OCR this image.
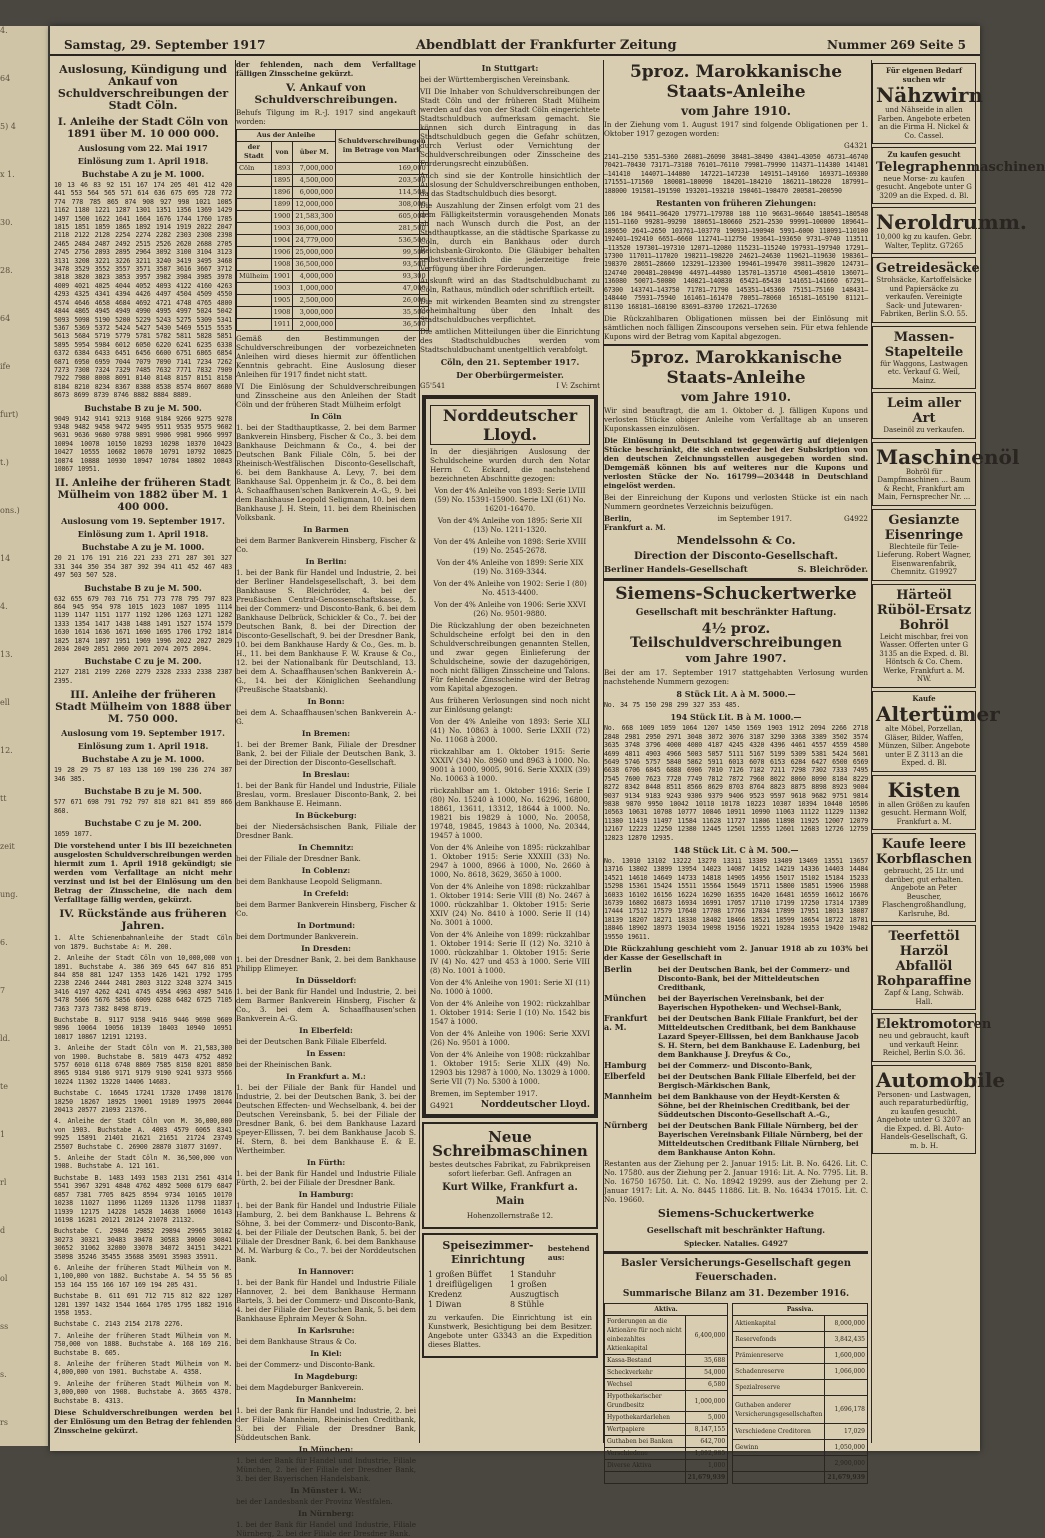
4.
64
5) 4
x 1.
30.
28.
64
ife
furt)
t.)
ons.)
14
4.
13.
ell
12.
tt
zeit
ung.
6.
7
ld.
te
1
rl
d
ol
ss
s.
rs
Samstag, 29. September 1917	Abendblatt der Frankfurter Zeitung	Nummer 269 Seite 5
Auslosung, Kündigung und Ankauf von Schuldverschreibungen der Stadt Cöln.
I. Anleihe der Stadt Cöln von 1891 über M. 10 000 000.
Auslosung vom 22. Mai 1917
Einlösung zum 1. April 1918.
Buchstabe A zu je M. 1000.

10 13 46 83 92 151 167 174 205 401 412 420 441 553 564 565 571 614 636 675 695 728 772 774 778 785 865 874 908 927 998 1021 1085 1162 1180 1221 1287 1301 1351 1356 1369 1429 1497 1500 1622 1641 1664 1676 1744 1760 1785 1815 1851 1859 1865 1892 1914 1919 2022 2047 2118 2122 2128 2254 2274 2282 2303 2308 2398 2465 2484 2487 2492 2515 2526 2620 2688 2705 2745 2756 2893 2895 2964 3092 3100 3104 3123 3131 3208 3221 3226 3211 3240 3419 3495 3468 3478 3529 3552 3557 3571 3587 3616 3667 3712 3818 3820 3823 3853 3957 3982 3984 3985 3978 4009 4021 4025 4044 4052 4093 4122 4160 4263 4293 4325 4341 4394 4426 4497 4504 4509 4550 4574 4646 4658 4684 4692 4721 4748 4765 4800 4844 4865 4945 4949 4990 4995 4997 5024 5042 5093 5098 5190 5200 5229 5243 5275 5309 5341 5367 5369 5372 5424 5427 5430 5469 5515 5535 5613 5684 5719 5779 5781 5782 5811 5828 5851 5895 5954 5984 6012 6050 6220 6241 6235 6338 6372 6384 6433 6451 6456 6600 6751 6865 6854 6871 6950 6959 7044 7079 7090 7141 7234 7262 7273 7308 7324 7329 7485 7632 7771 7832 7909 7922 7980 8008 8091 8140 8148 8157 8151 8158 8184 8210 8234 8367 8388 8538 8574 8607 8680 8673 8699 8739 8746 8882 8884 8889.

Buchstabe B zu je M. 500.

9049 9142 9141 9213 9168 9184 9266 9275 9278 9348 9482 9458 9472 9495 9511 9535 9575 9602 9631 9636 9680 9788 9891 9906 9981 9966 9997 10094 10078 10150 10293 10298 10370 10423 10427 10555 10602 10670 10791 10792 10825 10874 10888 10930 10947 10784 10802 10843 10867 10951.

II. Anleihe der früheren Stadt Mülheim von 1882 über M. 1 400 000.
Auslosung vom 19. September 1917.
Einlösung zum 1. April 1918.
Buchstabe A zu je M. 1000.

20 21 176 191 216 221 233 271 287 301 327 331 344 350 354 387 392 394 411 452 467 483 497 503 507 528.

Buchstabe B zu je M. 500.

632 655 679 703 716 751 773 778 795 797 823 864 945 954 978 1015 1023 1087 1095 1114 1139 1147 1151 1177 1192 1206 1263 1271 1282 1333 1354 1417 1438 1488 1491 1527 1574 1579 1630 1614 1636 1671 1690 1695 1706 1792 1814 1825 1874 1897 1951 1969 1996 2022 2027 2029 2034 2049 2051 2060 2071 2074 2075 2094.

Buchstabe C zu je M. 200.

2127 2181 2199 2260 2279 2328 2333 2338 2387 2395.

III. Anleihe der früheren Stadt Mülheim von 1888 über M. 750 000.
Auslosung vom 19. September 1917.
Einlösung zum 1. April 1918.
Buchstabe A zu je M. 1000.

19 28 29 75 87 103 138 169 190 236 274 307 346 385.

Buchstabe B zu je M. 500.

577 671 698 791 792 797 810 821 841 859 866 868.

Buchstabe C zu je M. 200.

1059 1077.

Die vorstehend unter I bis III bezeichneten ausgelosten Schuldverschreibungen werden hiermit zum 1. April 1918 gekündigt; sie werden vom Verfalltage an nicht mehr verzinst und ist bei der Einlösung um den Betrag der Zinsscheine, die nach dem Verfalltage fällig werden, gekürzt.

IV. Rückstände aus früheren Jahren.

1. Alte Schienenbahnanleihe der Stadt Cöln von 1879. Buchstabe A: M. 200.

2. Anleihe der Stadt Cöln von 10,000,000 von 1891. Buchstabe A. 386 369 645 647 816 851 844 858 881 1247 1353 1426 1421 1792 1795 2238 2246 2444 2481 2803 3122 3248 3274 3415 3416 4197 4262 4241 4745 4954 4963 4987 5416 5478 5606 5676 5856 6009 6288 6482 6725 7105 7363 7373 7382 8498 8719.

Buchstabe B. 9117 9158 9416 9446 9690 9609 9896 10064 10056 10139 10403 10940 10951 10817 10867 12191 12193.

3. Anleihe der Stadt Cöln von M. 21,583,300 von 1900. Buchstabe B. 5819 4473 4752 4892 5757 6010 6118 6748 8869 7585 8150 8201 8850 8965 9184 9186 9171 9179 9190 9241 9373 9566 10224 11302 13220 14406 14683.

Buchstabe C. 16645 17241 17320 17490 18176 18250 18267 18925 19001 19189 19975 20044 20413 20577 21093 21376.

4. Anleihe der Stadt Cöln von M. 36,000,000 von 1903. Buchstabe A. 4003 4579 6065 8341 9925 15891 21401 21621 21651 21724 23749 25507 Buchstabe C. 26900 28870 31077 31697.

5. Anleihe der Stadt Cöln M. 36,500,000 von 1908. Buchstabe A. 121 161.

Buchstabe B. 1483 1493 1503 2131 2561 4314 5541 3967 3291 4848 4762 4892 5000 6179 6847 6857 7381 7705 8425 8594 9734 10165 10170 10238 11027 11096 11269 11326 11798 11837 11939 12175 14228 14528 14638 16060 16143 16198 16281 20121 20124 21078 21132.

Buchstabe C. 29846 29852 29894 29965 30182 30273 30321 30483 30478 30583 30600 30841 30652 31062 32080 33078 34072 34151 34221 35098 35246 35455 35688 35691 35903 35911.

6. Anleihe der früheren Stadt Mülheim von M. 1,100,000 von 1882. Buchstabe A. 54 55 56 85 153 164 155 166 167 169 194 205 431.

Buchstabe B. 611 691 712 715 812 822 1207 1281 1397 1432 1544 1664 1705 1795 1882 1916 1958 1953.

Buchstabe C. 2143 2154 2178 2276.

7. Anleihe der früheren Stadt Mülheim von M. 750,000 von 1888. Buchstabe A. 168 169 216. Buchstabe B. 605.

8. Anleihe der früheren Stadt Mülheim von M. 4,000,000 von 1901. Buchstabe A. 4358.

9. Anleihe der früheren Stadt Mülheim von M. 3,000,000 von 1908. Buchstabe A. 3665 4370. Buchstabe B. 4313.

Diese Schuldverschreibungen werden bei der Einlösung um den Betrag der fehlenden Zinsscheine gekürzt.

der fehlenden, nach dem Verfalltage fälligen Zinsscheine gekürzt.

V. Ankauf von Schuldverschreibungen.

Behufs Tilgung im R.-J. 1917 sind angekauft worden:

Aus der Anleihe			Schuldverschreibungen im Betrage von Mark
der Stadt	von	über M.	
Cöln	1893	7,000,000	169,000
	1895	4,500,000	203,500
	1896	6,000,000	114,500
	1899	12,000,000	308,000
	1900	21,583,300	605,000
	1903	36,000,000	281,500
	1904	24,779,000	536,500
	1906	25,000,000	99,500
	1908	36,500,000	93,500
Mülheim	1901	4,000,000	93,300
	1903	1,000,000	47,000
	1905	2,500,000	26,000
	1908	3,000,000	35,500
	1911	2,000,000	36,500

Gemäß den Bestimmungen der Schuldverschreibungen der vorbezeichneten Anleihen wird dieses hiermit zur öffentlichen Kenntnis gebracht. Eine Auslosung dieser Anleihen für 1917 findet nicht statt.

VI Die Einlösung der Schuldverschreibungen und Zinsscheine aus den Anleihen der Stadt Cöln und der früheren Stadt Mülheim erfolgt

In Cöln

1. bei der Stadthauptkasse, 2. bei dem Barmer Bankverein Hinsberg, Fischer & Co., 3. bei dem Bankhause Deichmann & Co., 4. bei der Deutschen Bank Filiale Cöln, 5. bei der Rheinisch-Westfälischen Disconto-Gesellschaft, 6. bei dem Bankhause A. Levy, 7. bei dem Bankhause Sal. Oppenheim jr. & Co., 8. bei dem A. Schaaffhausen'schen Bankverein A.-G., 9. bei dem Bankhause Leopold Seligmann, 10. bei dem Bankhause J. H. Stein, 11. bei dem Rheinischen Volksbank.

In Barmen

bei dem Barmer Bankverein Hinsberg, Fischer & Co.

In Berlin:

1. bei der Bank für Handel und Industrie, 2. bei der Berliner Handelsgesellschaft, 3. bei dem Bankhause S. Bleichröder, 4. bei der Preußischen Central-Genossenschaftskasse, 5. bei der Commerz- und Disconto-Bank, 6. bei dem Bankhause Delbrück, Schickler & Co., 7. bei der Deutschen Bank, 8. bei der Direction der Disconto-Gesellschaft, 9. bei der Dresdner Bank, 10. bei dem Bankhause Hardy & Co., Ges. m. b. H., 11. bei dem Bankhause F. W. Krause & Co., 12. bei der Nationalbank für Deutschland, 13. bei dem A. Schaaffhausen'schen Bankverein A.-G., 14. bei der Königlichen Seehandlung (Preußische Staatsbank).

In Bonn:

bei dem A. Schaaffhausen'schen Bankverein A.-G.

In Bremen:

1. bei der Bremer Bank, Filiale der Dresdner Bank, 2. bei der Filiale der Deutschen Bank, 3. bei der Direction der Disconto-Gesellschaft.

In Breslau:

1. bei der Bank für Handel und Industrie, Filiale Breslau, vorm. Breslauer Disconto-Bank, 2. bei dem Bankhause E. Heimann.

In Bückeburg:

bei der Niedersächsischen Bank, Filiale der Dresdner Bank.

In Chemnitz:

bei der Filiale der Dresdner Bank.

In Coblenz:

bei dem Bankhause Leopold Seligmann.

In Crefeld:

bei dem Barmer Bankverein Hinsberg, Fischer & Co.

In Dortmund:

bei dem Dortmunder Bankverein.

In Dresden:

1. bei der Dresdner Bank, 2. bei dem Bankhause Philipp Elimeyer.

In Düsseldorf:

1. bei der Bank für Handel und Industrie, 2. bei dem Barmer Bankverein Hinsberg, Fischer & Co., 3. bei dem A. Schaaffhausen'schen Bankverein A.-G.

In Elberfeld:

bei der Deutschen Bank Filiale Elberfeld.

In Essen:

bei der Rheinischen Bank.

In Frankfurt a. M.:

1. bei der Filiale der Bank für Handel und Industrie, 2. bei der Deutschen Bank, 3. bei der Deutschen Effecten- und Wechselbank, 4. bei der Deutschen Vereinsbank, 5. bei der Filiale der Dresdner Bank, 6. bei dem Bankhause Lazard Speyer-Ellissen, 7. bei dem Bankhause Jacob S. H. Stern, 8. bei dem Bankhause E. & E. Wertheimber.

In Fürth:

1. bei der Bank für Handel und Industrie Filiale Fürth, 2. bei der Filiale der Dresdner Bank.

In Hamburg:

1. bei der Bank für Handel und Industrie Filiale Hamburg, 2. bei dem Bankhause L. Behrens & Söhne, 3. bei der Commerz- und Disconto-Bank, 4. bei der Filiale der Deutschen Bank, 5. bei der Filiale der Dresdner Bank, 6. bei dem Bankhause M. M. Warburg & Co., 7. bei der Norddeutschen Bank.

In Hannover:

1. bei der Bank für Handel und Industrie Filiale Hannover, 2. bei dem Bankhause Hermann Bartels, 3. bei der Commerz- und Disconto-Bank, 4. bei der Filiale der Deutschen Bank, 5. bei dem Bankhause Ephraim Meyer & Sohn.

In Karlsruhe:

bei dem Bankhause Straus & Co.

In Kiel:

bei der Commerz- und Disconto-Bank.

In Magdeburg:

bei dem Magdeburger Bankverein.

In Mannheim:

1. bei der Bank für Handel und Industrie, 2. bei der Filiale Mannheim, Rheinischen Creditbank, 3. bei der Filiale der Dresdner Bank, Süddeutschen Bank.

In München:

1. bei der Bank für Handel und Industrie, Filiale München, 2. bei der Filiale der Dresdner Bank, 3. bei der Bayerischen Handelsbank.

In Münster i. W.:

bei der Landesbank der Provinz Westfalen.

In Nürnberg:

1. bei der Bank für Handel und Industrie, Filiale Nürnberg, 2. bei der Filiale der Dresdner Bank.

In Stuttgart:

bei der Württembergischen Vereinsbank.

VII Die Inhaber von Schuldverschreibungen der Stadt Cöln und der früheren Stadt Mülheim werden auf das von der Stadt Cöln eingerichtete Stadtschuldbuch aufmerksam gemacht. Sie können sich durch Eintragung in das Stadtschuldbuch gegen die Gefahr schützen, durch Verlust oder Vernichtung der Schuldverschreibungen oder Zinsscheine des Forderungsrecht einzubüßen.

Auch sind sie der Kontrolle hinsichtlich der Auslosung der Schuldverschreibungen enthoben, da das Stadtschuldbuch dies besorgt.

Die Auszahlung der Zinsen erfolgt vom 21 des dem Fälligkeitstermin vorausgehenden Monats ab nach Wunsch durch die Post, an der Stadthauptkasse, an die städtische Sparkasse zu Cöln, durch ein Bankhaus oder durch Reichsbank-Girokonto. Die Gläubiger behalten selbstverständlich die jederzeitige freie Verfügung über ihre Forderungen.

Auskunft wird an das Stadtschuldbuchamt zu Cöln, Rathaus, mündlich oder schriftlich erteilt.

Die mit wirkenden Beamten sind zu strengster Geheimhaltung über den Inhalt des Stadtschuldbuches verpflichtet.

Die amtlichen Mitteilungen über die Einrichtung des Stadtschuldbuches werden vom Stadtschuldbuchamt unentgeltlich verabfolgt.

Cöln, den 21. September 1917.
Der Oberbürgermeister.
G5'541	I V: Zschirnt
Norddeutscher Lloyd.

In der diesjährigen Auslosung der Schuldscheine wurden durch den Notar Herrn C. Eckard, die nachstehend bezeichneten Abschnitte gezogen:

Von der 4% Anleihe von 1893: Serie LVIII (59) No. 15391-15900. Serie LXI (61) No. 16201-16470.

Von der 4% Anleihe von 1895: Serie XII (13) No. 1211-1320.

Von der 4% Anleihe von 1898: Serie XVIII (19) No. 2545-2678.

Von der 4% Anleihe von 1899: Serie XIX (19) No. 3169-3344.

Von der 4% Anleihe von 1902: Serie I (80) No. 4513-4400.

Von der 4% Anleihe von 1906: Serie XXVI (26) No. 9501-9880.

Die Rückzahlung der oben bezeichneten Schuldscheine erfolgt bei den in den Schuldverschreibungen genannten Stellen, und zwar gegen Einlieferung der Schuldscheine, sowie der dazugehörigen, noch nicht fälligen Zinsscheine und Talons. Für fehlende Zinsscheine wird der Betrag vom Kapital abgezogen.

Aus früheren Verlosungen sind noch nicht zur Einlösung gelangt:

Von der 4% Anleihe von 1893: Serie XLI (41) No. 10863 à 1000. Serie LXXII (72) No. 11068 à 2000.

rückzahlbar am 1. Oktober 1915: Serie XXXIV (34) No. 8960 und 8963 à 1000. No. 9001 à 1000, 9005, 9016. Serie XXXIX (39) No. 10063 à 1000.

rückzahlbar am 1. Oktober 1916: Serie I (80) No. 15240 à 1000, No. 16296, 16800, 18861, 13611, 13312, 18644 à 1000. No. 19821 bis 19829 à 1000, No. 20058, 19748, 19845, 19843 à 1000, No. 20344, 19457 à 1000.

Von der 4% Anleihe von 1895: rückzahlbar 1. Oktober 1915: Serie XXXIII (33) No. 2947 à 1000, 8966 à 1000, No. 2660 à 1000, No. 8618, 3629, 3650 à 1000.

Von der 4% Anleihe von 1898: rückzahlbar 1. Oktober 1914: Serie VIII (8) No. 2467 à 1000. rückzahlbar 1. Oktober 1915: Serie XXIV (24) No. 8410 à 1000. Serie II (14) No. 3001 à 1000.

Von der 4% Anleihe von 1899: rückzahlbar 1. Oktober 1914: Serie II (12) No. 3210 à 1000. rückzahlbar 1. Oktober 1915: Serie IV (4) No. 427 und 453 à 1000. Serie VIII (8) No. 1001 à 1000.

Von der 4% Anleihe von 1901: Serie XI (11) No. 1000 à 1000.

Von der 4% Anleihe von 1902: rückzahlbar 1. Oktober 1914: Serie I (10) No. 1542 bis 1547 à 1000.

Von der 4% Anleihe von 1906: Serie XXVI (26) No. 9501 à 1000.

Von der 4% Anleihe von 1908: rückzahlbar 1. Oktober 1915: Serie XLIX (49) No. 12903 bis 12987 à 1000, No. 13029 à 1000. Serie VII (7) No. 5300 à 1000.

Bremen, im September 1917.

G4921	Norddeutscher Lloyd.
Neue Schreibmaschinen

bestes deutsches Fabrikat, zu Fabrikpreisen sofort lieferbar. Gefl. Anfragen an

Kurt Wilke, Frankfurt a. Main

Hohenzollernstraße 12.

Speisezimmer-Einrichtung
bestehend aus:
1 großen Büffet	1 Standuhr
1 dreiflügeligen Kredenz
1 großen Auszugtisch
1 Diwan	8 Stühle

zu verkaufen. Die Einrichtung ist ein Kunstwerk, Besichtigung bei dem Besitzer. Angebote unter G3343 an die Expedition dieses Blattes.

5proz. Marokkanische Staats-Anleihe
vom Jahre 1910.

In der Ziehung vom 1. August 1917 sind folgende Obligationen per 1. Oktober 1917 gezogen worden:

G4321

2141—2150 5351—5360 26081—26090 38481—38490 43041—43050 46731—46740 70421—70430 73171—73180 76101—76110 79981—79990 114371—114380 141401—141410 144071—144080 147221—147230 149151—149160 169371—169380 171551—171560 180081—180090 184201—184210 186211—186220 187991—188000 191581—191590 193201—193210 198461—198470 200581—200590

Restanten von früheren Ziehungen:

106 104 96411—96420 179771—179780 108 110 96631—96640 180541—180548 1151—1160 99281—99290 180651—180660 2521—2530 99991—100000 189641—189650 2641—2650 103761—103770 190931—190940 5991—6000 110091—110100 192401—192410 6651—6660 112741—112750 193641—193650 9731—9740 113511—113520 197301—197310 12071—12080 115231—115240 197931—197940 17291—17300 117011—117020 198211—198220 24621—24630 119621—119630 198361—198370 28651—28660 123291—123300 199461—199470 39811—39820 124731—124740 200481—200490 44971—44980 135701—135710 45001—45010 136071—136080 50071—50080 140821—140830 65421—65430 141651—141660 67291—67300 143741—143750 71781—71790 145351—145360 75151—75160 148431—148440 75931—75940 161461—161470 78051—78060 165181—165190 81121—81130 168181—168190 83691—83700 172621—172630

Die Rückzahlbaren Obligationen müssen bei der Einlösung mit sämtlichen noch fälligen Zinscoupons versehen sein. Für etwa fehlende Kupons wird der Betrag vom Kapital abgezogen.

5proz. Marokkanische Staats-Anleihe
vom Jahre 1910.

Wir sind beauftragt, die am 1. Oktober d. J. fälligen Kupons und verlosten Stücke obiger Anleihe vom Verfalltage ab an unseren Kuponskassen einzulösen.

Die Einlösung in Deutschland ist gegenwärtig auf diejenigen Stücke beschränkt, die sich entweder bei der Subskription von den deutschen Zeichnungsstellen ausgegeben worden sind. Demgemäß können bis auf weiteres nur die Kupons und verlosten Stücke der No. 161799—203448 in Deutschland eingelöst werden.

Bei der Einreichung der Kupons und verlosten Stücke ist ein nach Nummern geordnetes Verzeichnis beizufügen.

Berlin,
Frankfurt a. M.
im September 1917.	G4922
Mendelssohn & Co.
Direction der Disconto-Gesellschaft.
Berliner Handels-Gesellschaft	S. Bleichröder.
Siemens-Schuckertwerke
Gesellschaft mit beschränkter Haftung.
4½ proz. Teilschuldverschreibungen
vom Jahre 1907.

Bei der am 17. September 1917 stattgehabten Verlosung wurden nachstehende Nummern gezogen:

8 Stück Lit. A à M. 5000.—

No. 34 75 150 298 299 327 353 485.

194 Stück Lit. B à M. 1000.—

No. 668 1009 1059 1064 1207 1450 1569 1903 1912 2094 2266 2718 2848 2981 2950 2971 3048 3072 3076 3187 3290 3368 3389 3502 3574 3635 3748 3796 4000 4080 4187 4245 4320 4396 4461 4557 4559 4580 4699 4811 4903 4966 5003 5057 5111 5167 5199 5309 5381 5424 5601 5649 5746 5757 5840 5862 5911 6013 6078 6153 6284 6427 6500 6569 6638 6706 6845 6888 6906 7010 7126 7182 7211 7298 7302 7333 7495 7545 7600 7623 7720 7749 7812 7872 7960 8022 8060 8090 8184 8229 8272 8342 8448 8511 8566 8629 8703 8764 8823 8875 8898 8923 9004 9037 9134 9183 9243 9306 9379 9406 9523 9597 9618 9682 9751 9814 9838 9870 9950 10042 10110 10178 10223 10307 10394 10440 10506 10563 10631 10708 10777 10846 10911 10990 11063 11122 11229 11302 11380 11419 11497 11584 11628 11727 11806 11898 11925 12007 12079 12167 12223 12250 12380 12445 12501 12555 12601 12683 12726 12759 12823 12870 12935.

148 Stück Lit. C à M. 500.—

No. 13010 13102 13222 13270 13311 13389 13409 13469 13551 13657 13716 13802 13899 13954 14023 14087 14152 14219 14336 14403 14484 14521 14610 14649 14733 14818 14905 14956 15017 15102 15184 15233 15298 15361 15424 15511 15564 15649 15711 15800 15851 15906 15988 16033 16102 16156 16224 16290 16355 16420 16481 16559 16612 16676 16739 16802 16873 16934 16991 17057 17110 17199 17250 17314 17389 17444 17512 17579 17640 17708 17766 17834 17899 17951 18013 18087 18139 18207 18271 18330 18402 18466 18521 18599 18654 18722 18781 18846 18902 18973 19034 19098 19156 19221 19284 19353 19420 19482 19550 19611.

Die Rückzahlung geschieht vom 2. Januar 1918 ab zu 103% bei der Kasse der Gesellschaft in

Berlin	bei der Deutschen Bank, bei der Commerz- und Disconto-Bank, bei der Mitteldeutschen Creditbank,
München	bei der Bayerischen Vereinsbank, bei der Bayerischen Hypotheken- und Wechsel-Bank,
Frankfurt a. M.
bei der Deutschen Bank Filiale Frankfurt, bei der Mitteldeutschen Creditbank, bei dem Bankhause Lazard Speyer-Ellissen, bei dem Bankhause Jacob S. H. Stern, bei dem Bankhause E. Ladenburg, bei dem Bankhause J. Dreyfus & Co.,
Hamburg	bei der Commerz- und Disconto-Bank,
Elberfeld	bei der Deutschen Bank Filiale Elberfeld, bei der Bergisch-Märkischen Bank,
Mannheim bei dem Bankhause von der Heydt-Kersten & Söhne, bei der Rheinischen Creditbank, bei der Süddeutschen Disconto-Gesellschaft A.-G.,
Nürnberg	bei der Deutschen Bank Filiale Nürnberg, bei der Bayerischen Vereinsbank Filiale Nürnberg, bei der Mitteldeutschen Creditbank Filiale Nürnberg, bei dem Bankhause Anton Kohn.

Restanten aus der Ziehung per 2. Januar 1915: Lit. B. No. 6426. Lit. C. No. 17580. aus der Ziehung per 2. Januar 1916: Lit. A. No. 7795. Lit. B. No. 16750 16750. Lit. C. No. 18942 19299. aus der Ziehung per 2. Januar 1917: Lit. A. No. 8445 11886. Lit. B. No. 16434 17015. Lit. C. No. 19660.

Siemens-Schuckertwerke
Gesellschaft mit beschränkter Haftung.

Spiecker. Natalies. G4927

Basler Versicherungs-Gesellschaft gegen Feuerschaden.
Summarische Bilanz am 31. Dezember 1916.
Aktiva.	
Forderungen an die Aktionäre für noch nicht einbezahltes Aktienkapital	6,400,000
Kassa-Bestand	35,688
Scheckverkehr	54,000
Wechsel	6,580
Hypothekarischer Grundbesitz	1,000,000
Hypothekardarlehen	5,000
Wertpapiere	8,147,155
Guthaben bei Banken	642,700
Verschiedene	1,092,985
Diverse Aktiva	1,000
	21,679,939
Passiva.	
Aktienkapital	8,000,000
Reservefonds	3,842,435
Prämienreserve	1,600,000
Schadenreserve	1,066,000
Spezialreserve	
Guthaben anderer Versicherungsgesellschaften	1,696,178
Verschiedene Creditoren	17,029
Gewinn	1,050,000
	2,900,000
	21,679,939
Für eigenen Bedarf suchen wir
Nähzwirn
und Nähseide in allen Farben. Angebote erbeten an die Firma H. Nickel & Co. Cassel.
Zu kaufen gesucht
Telegraphenmaschinen
neue Morse- zu kaufen gesucht. Angebote unter G 3209 an die Exped. d. Bl.
Neroldrumm.
10,000 kg zu kaufen. Gebr. Walter, Teplitz. G7265
Getreidesäcke
Strohsäcke, Kartoffelsäcke und Papiersäcke zu verkaufen. Vereinigte Sack- und Jutewaren-Fabriken, Berlin S.O. 55.
Massen-Stapelteile
für Waggons, Lastwagen etc. Verkauf G. Weil, Mainz.
Leim aller Art
Daseinöl zu verkaufen.
Maschinenöl
Bohröl für Dampfmaschinen ... Baum & Recht, Frankfurt am Main, Fernsprecher Nr. ...
Gesianzte Eisenringe
Blechteile für Teile-Lieferung. Robert Wagner, Eisenwarenfabrik, Chemnitz. G19927
Härteöl Rüböl-Ersatz Bohröl
Leicht mischbar, frei von Wasser. Offerten unter G 3135 an die Exped. d. Bl. Höntsch & Co. Chem. Werke, Frankfurt a. M. NW.
Kaufe
Altertümer
alte Möbel, Porzellan, Gläser, Bilder, Waffen, Münzen, Silber. Angebote unter E Z 3113 an die Exped. d. Bl.
Kisten
in allen Größen zu kaufen gesucht. Hermann Wolf, Frankfurt a. M.
Kaufe leere Korbflaschen
gebraucht, 25 Ltr. und darüber, gut erhalten. Angebote an Peter Beuscher, Flaschengroßhandlung, Karlsruhe, Bd.
Teerfettöl Harzöl Abfallöl Rohparaffine
Zapf & Lang, Schwäb. Hall.
Elektromotoren
neu und gebraucht, kauft und verkauft Heinr. Reichel, Berlin S.O. 36.
Automobile
Personen- und Lastwagen, auch reparaturbedürftig, zu kaufen gesucht. Angebote unter G 3207 an die Exped. d. Bl. Auto-Handels-Gesellschaft, G. m. b. H.
